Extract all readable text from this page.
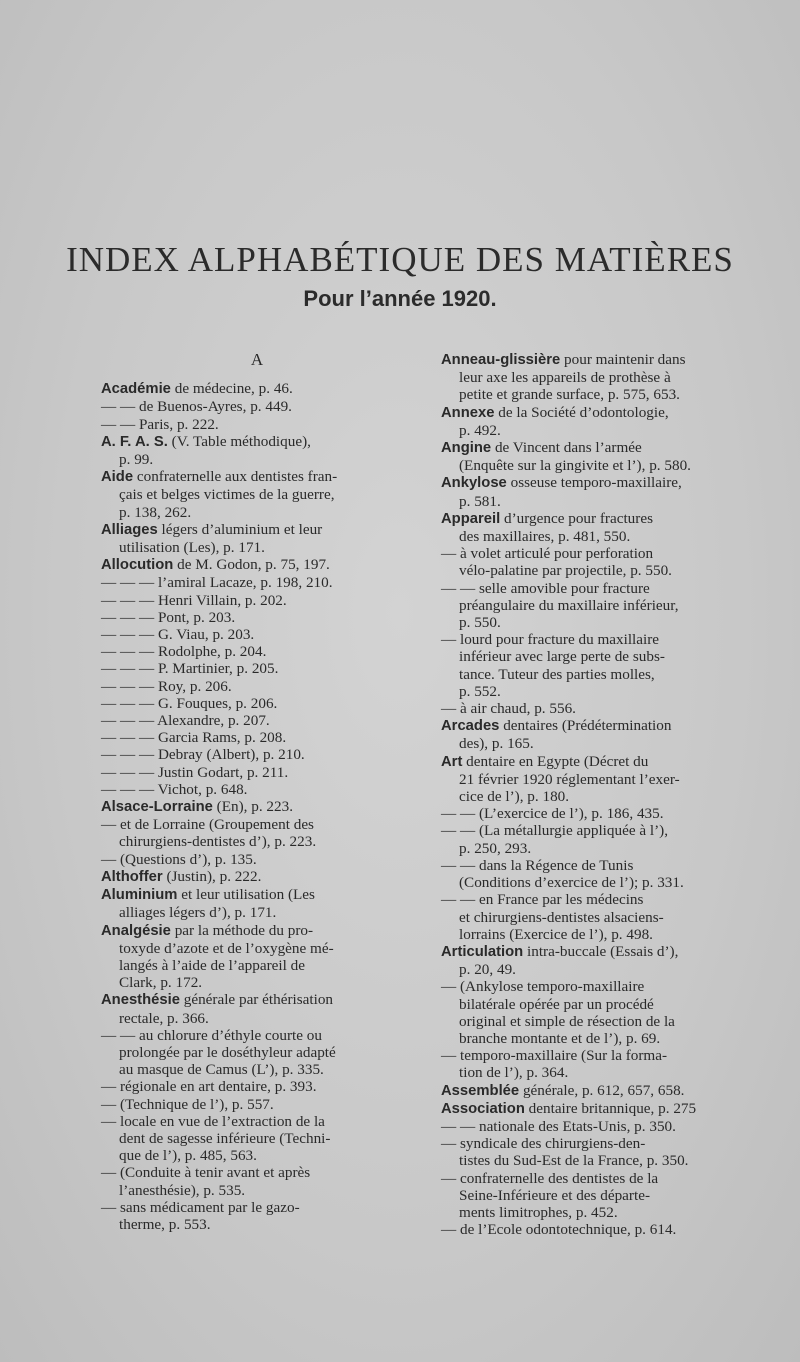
INDEX ALPHABÉTIQUE DES MATIÈRES
Pour l’année 1920.
A
Académie de médecine, p. 46.
— — de Buenos-Ayres, p. 449.
— — Paris, p. 222.
A. F. A. S. (V. Table méthodique),
p. 99.
Aide confraternelle aux dentistes fran-
çais et belges victimes de la guerre,
p. 138, 262.
Alliages légers d’aluminium et leur
utilisation (Les), p. 171.
Allocution de M. Godon, p. 75, 197.
— — — l’amiral Lacaze, p. 198, 210.
— — — Henri Villain, p. 202.
— — — Pont, p. 203.
— — — G. Viau, p. 203.
— — — Rodolphe, p. 204.
— — — P. Martinier, p. 205.
— — — Roy, p. 206.
— — — G. Fouques, p. 206.
— — — Alexandre, p. 207.
— — — Garcia Rams, p. 208.
— — — Debray (Albert), p. 210.
— — — Justin Godart, p. 211.
— — — Vichot, p. 648.
Alsace-Lorraine (En), p. 223.
— et de Lorraine (Groupement des
chirurgiens-dentistes d’), p. 223.
— (Questions d’), p. 135.
Althoffer (Justin), p. 222.
Aluminium et leur utilisation (Les
alliages légers d’), p. 171.
Analgésie par la méthode du pro-
toxyde d’azote et de l’oxygène mé-
langés à l’aide de l’appareil de
Clark, p. 172.
Anesthésie générale par éthérisation
rectale, p. 366.
— — au chlorure d’éthyle courte ou
prolongée par le doséthyleur adapté
au masque de Camus (L’), p. 335.
— régionale en art dentaire, p. 393.
— (Technique de l’), p. 557.
— locale en vue de l’extraction de la
dent de sagesse inférieure (Techni-
que de l’), p. 485, 563.
— (Conduite à tenir avant et après
l’anesthésie), p. 535.
— sans médicament par le gazo-
therme, p. 553.
Anneau-glissière pour maintenir dans
leur axe les appareils de prothèse à
petite et grande surface, p. 575, 653.
Annexe de la Société d’odontologie,
p. 492.
Angine de Vincent dans l’armée
(Enquête sur la gingivite et l’), p. 580.
Ankylose osseuse temporo-maxillaire,
p. 581.
Appareil d’urgence pour fractures
des maxillaires, p. 481, 550.
— à volet articulé pour perforation
vélo-palatine par projectile, p. 550.
— — selle amovible pour fracture
préangulaire du maxillaire inférieur,
p. 550.
— lourd pour fracture du maxillaire
inférieur avec large perte de subs-
tance. Tuteur des parties molles,
p. 552.
— à air chaud, p. 556.
Arcades dentaires (Prédétermination
des), p. 165.
Art dentaire en Egypte (Décret du
21 février 1920 réglementant l’exer-
cice de l’), p. 180.
— — (L’exercice de l’), p. 186, 435.
— — (La métallurgie appliquée à l’),
p. 250, 293.
— — dans la Régence de Tunis
(Conditions d’exercice de l’); p. 331.
— — en France par les médecins
et chirurgiens-dentistes alsaciens-
lorrains (Exercice de l’), p. 498.
Articulation intra-buccale (Essais d’),
p. 20, 49.
— (Ankylose temporo-maxillaire
bilatérale opérée par un procédé
original et simple de résection de la
branche montante et de l’), p. 69.
— temporo-maxillaire (Sur la forma-
tion de l’), p. 364.
Assemblée générale, p. 612, 657, 658.
Association dentaire britannique, p. 275
— — nationale des Etats-Unis, p. 350.
— syndicale des chirurgiens-den-
tistes du Sud-Est de la France, p. 350.
— confraternelle des dentistes de la
Seine-Inférieure et des départe-
ments limitrophes, p. 452.
— de l’Ecole odontotechnique, p. 614.
